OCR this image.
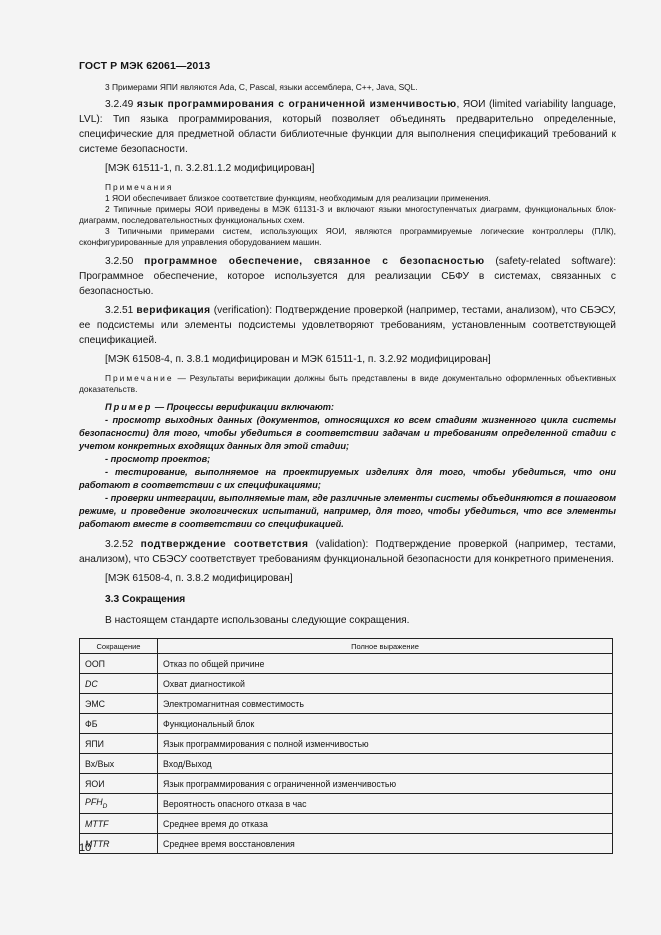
ГОСТ Р МЭК 62061—2013

3 Примерами ЯПИ являются Ada, C, Pascal, языки ассемблера, C++, Java, SQL.

3.2.49 язык программирования с ограниченной изменчивостью, ЯОИ (limited variability language, LVL): Тип языка программирования, который позволяет объединять предварительно определенные, специфические для предметной области библиотечные функции для выполнения спецификаций требований к системе безопасности.

[МЭК 61511-1, п. 3.2.81.1.2 модифицирован]

Примечания

1 ЯОИ обеспечивает близкое соответствие функциям, необходимым для реализации применения.

2 Типичные примеры ЯОИ приведены в МЭК 61131-3 и включают языки многоступенчатых диаграмм, функциональных блок-диаграмм, последовательностных функциональных схем.

3 Типичными примерами систем, использующих ЯОИ, являются программируемые логические контроллеры (ПЛК), сконфигурированные для управления оборудованием машин.

3.2.50 программное обеспечение, связанное с безопасностью (safety-related software): Программное обеспечение, которое используется для реализации СБФУ в системах, связанных с безопасностью.

3.2.51 верификация (verification): Подтверждение проверкой (например, тестами, анализом), что СБЭСУ, ее подсистемы или элементы подсистемы удовлетворяют требованиям, установленным соответствующей спецификацией.

[МЭК 61508-4, п. 3.8.1 модифицирован и МЭК 61511-1, п. 3.2.92 модифицирован]

Примечание — Результаты верификации должны быть представлены в виде документально оформленных объективных доказательств.

Пример — Процессы верификации включают:

- просмотр выходных данных (документов, относящихся ко всем стадиям жизненного цикла системы безопасности) для того, чтобы убедиться в соответствии задачам и требованиям определенной стадии с учетом конкретных входящих данных для этой стадии;

- просмотр проектов;

- тестирование, выполняемое на проектируемых изделиях для того, чтобы убедиться, что они работают в соответствии с их спецификациями;

- проверки интеграции, выполняемые там, где различные элементы системы объединяются в пошаговом режиме, и проведение экологических испытаний, например, для того, чтобы убедиться, что все элементы работают вместе в соответствии со спецификацией.

3.2.52 подтверждение соответствия (validation): Подтверждение проверкой (например, тестами, анализом), что СБЭСУ соответствует требованиям функциональной безопасности для конкретного применения.

[МЭК 61508-4, п. 3.8.2 модифицирован]

3.3 Сокращения

В настоящем стандарте использованы следующие сокращения.

Сокращение	Полное выражение
ООП	Отказ по общей причине
DC	Охват диагностикой
ЭМС	Электромагнитная совместимость
ФБ	Функциональный блок
ЯПИ	Язык программирования с полной изменчивостью
Вх/Вых	Вход/Выход
ЯОИ	Язык программирования с ограниченной изменчивостью
$PFH_D$	Вероятность опасного отказа в час
MTTF	Среднее время до отказа
MTTR	Среднее время восстановления
10
